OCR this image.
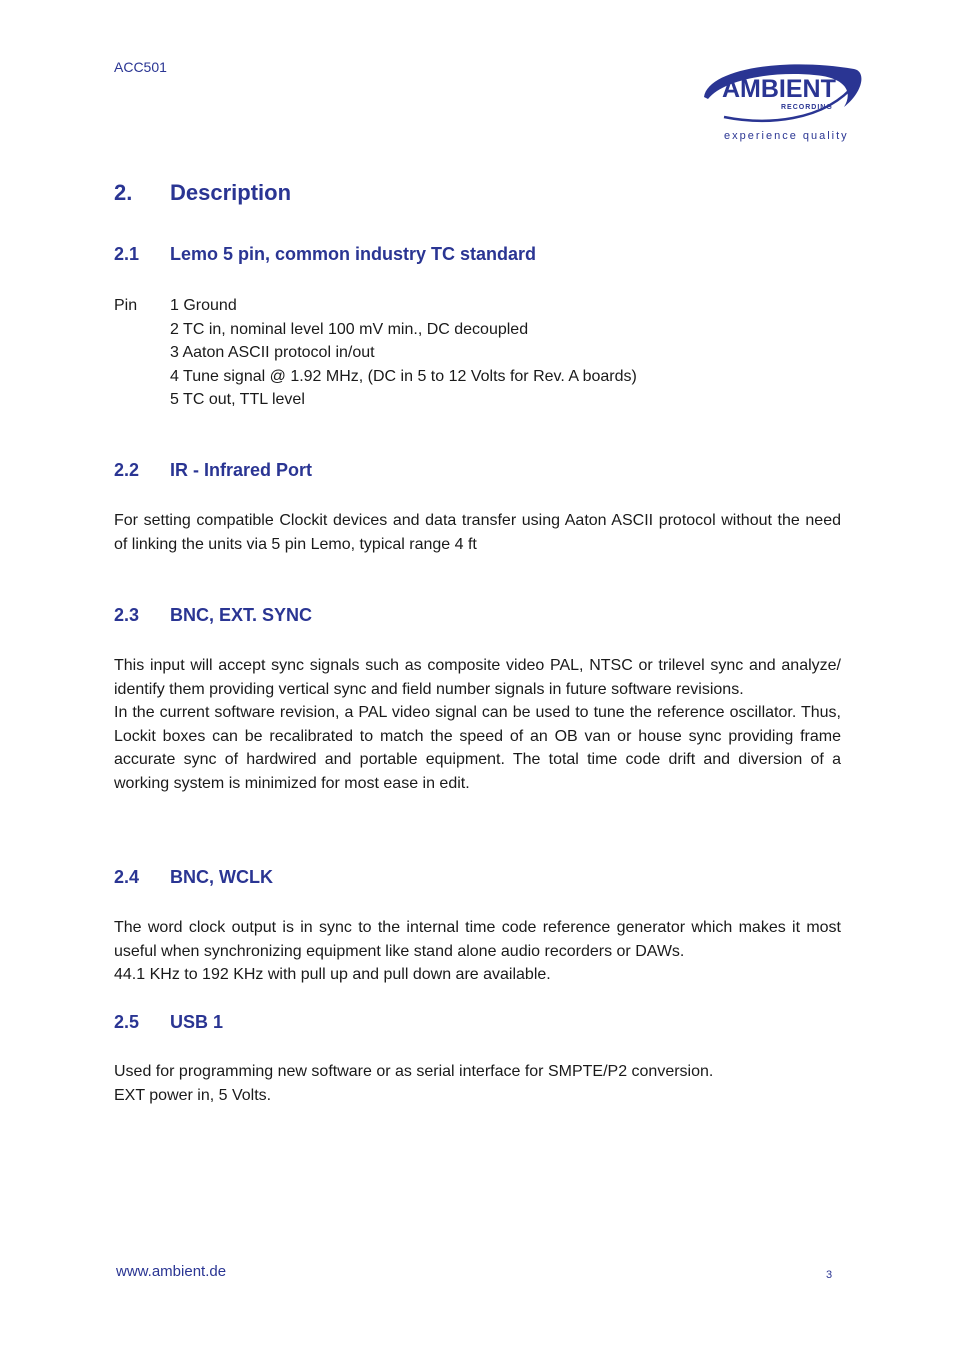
ACC501
AMBIENT
RECORDING
experience quality
2. Description
2.1 Lemo 5 pin, common industry TC standard
Pin 1 Ground
2 TC in, nominal level 100 mV min., DC decoupled
3 Aaton ASCII protocol in/out
4 Tune signal @ 1.92 MHz, (DC in 5 to 12 Volts for Rev. A boards)
5 TC out, TTL level
2.2 IR - Infrared Port

For setting compatible Clockit devices and data transfer using Aaton ASCII protocol without the need of linking the units via 5 pin Lemo, typical range 4 ft

2.3 BNC, EXT. SYNC

This input will accept sync signals such as composite video PAL, NTSC or trilevel sync and analyze/ identify them providing vertical sync and field number signals in future software revisions.

In the current software revision, a PAL video signal can be used to tune the reference oscillator. Thus, Lockit boxes can be recalibrated to match the speed of an OB van or house sync providing frame accurate sync of hardwired and portable equipment. The total time code drift and diversion of a working system is minimized for most ease in edit.

2.4 BNC, WCLK

The word clock output is in sync to the internal time code reference generator which makes it most useful when synchronizing equipment like stand alone audio recorders or DAWs.

44.1 KHz to 192 KHz with pull up and pull down are available.

2.5 USB 1

Used for programming new software or as serial interface for SMPTE/P2 conversion.

EXT power in, 5 Volts.

www.ambient.de	3
